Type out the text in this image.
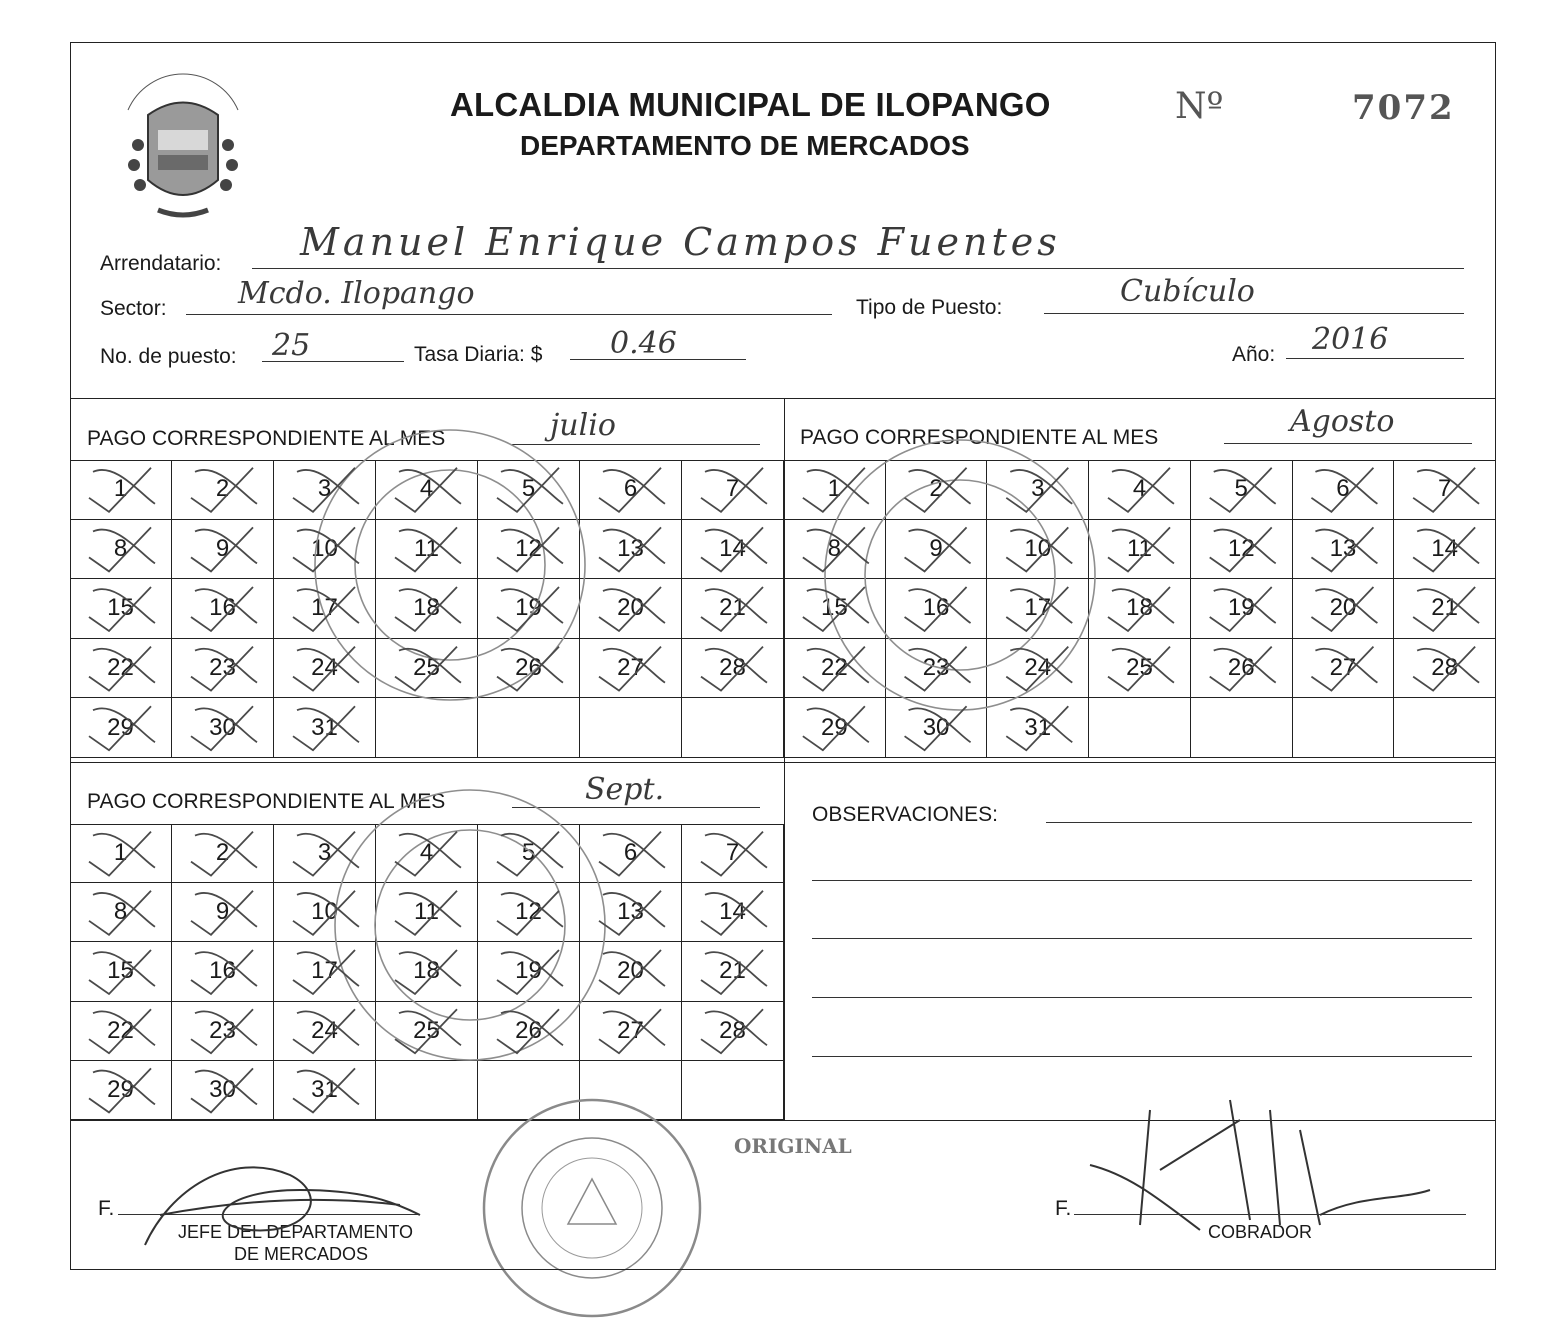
ALCALDIA MUNICIPAL DE ILOPANGO
DEPARTAMENTO DE MERCADOS
Nº	7072
Arrendatario: Manuel Enrique Campos Fuentes
Sector: Mcdo. Ilopango	Tipo de Puesto:	Cubículo
No. de puesto: 25	Tasa Diaria: $ 0.46	Año: 2016
PAGO CORRESPONDIENTE AL MES	julio	PAGO CORRESPONDIENTE AL MES	Agosto
PAGO CORRESPONDIENTE AL MES	Sept.
1	2	3	4	5	6	7
8	9	10	11	12	13	14
15	16	17	18	19	20	21
22	23	24	25	26	27	28
29	30	31
1	2	3	4	5	6	7
8	9	10	11	12	13	14
15	16	17	18	19	20	21
22	23	24	25	26	27	28
29	30	31
1	2	3	4	5	6	7
8	9	10	11	12	13	14
15	16	17	18	19	20	21
22	23	24	25	26	27	28
29	30	31
OBSERVACIONES:
F.
JEFE DEL DEPARTAMENTO
DE MERCADOS
ORIGINAL
F.
COBRADOR
